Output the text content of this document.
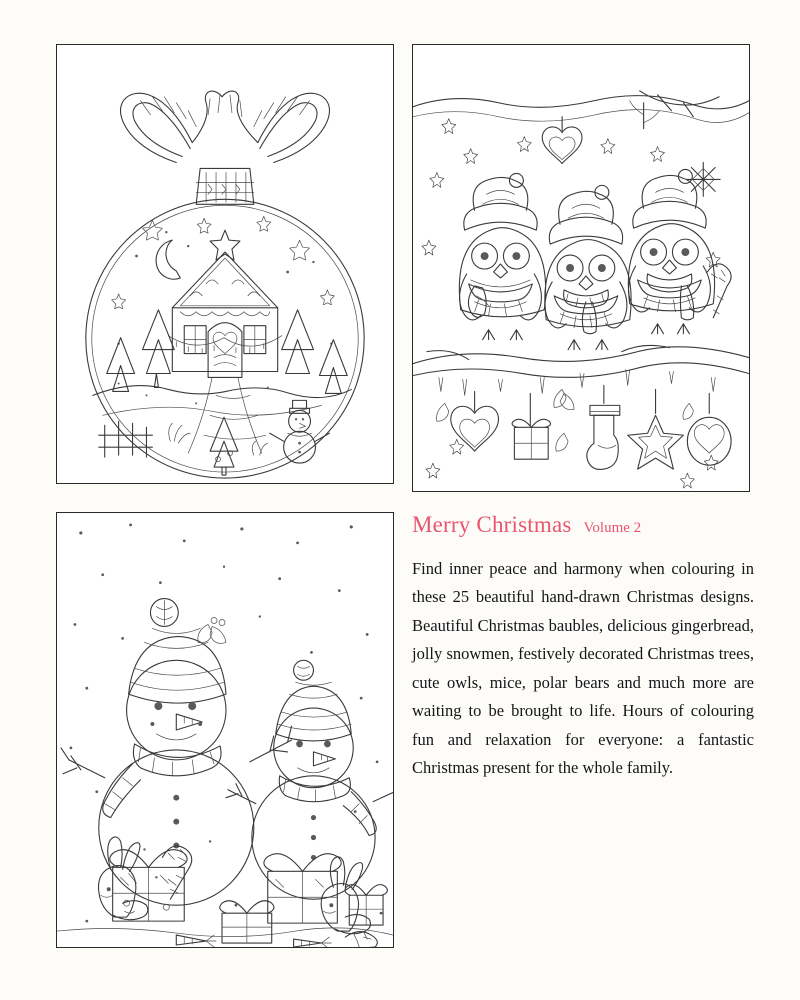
Merry Christmas Volume 2

Find inner peace and harmony when colouring in these 25 beautiful hand-drawn Christmas designs. Beautiful Christmas baubles, delicious gingerbread, jolly snowmen, festively decorated Christmas trees, cute owls, mice, polar bears and much more are waiting to be brought to life. Hours of colouring fun and relaxation for everyone: a fantastic Christmas present for the whole family.
